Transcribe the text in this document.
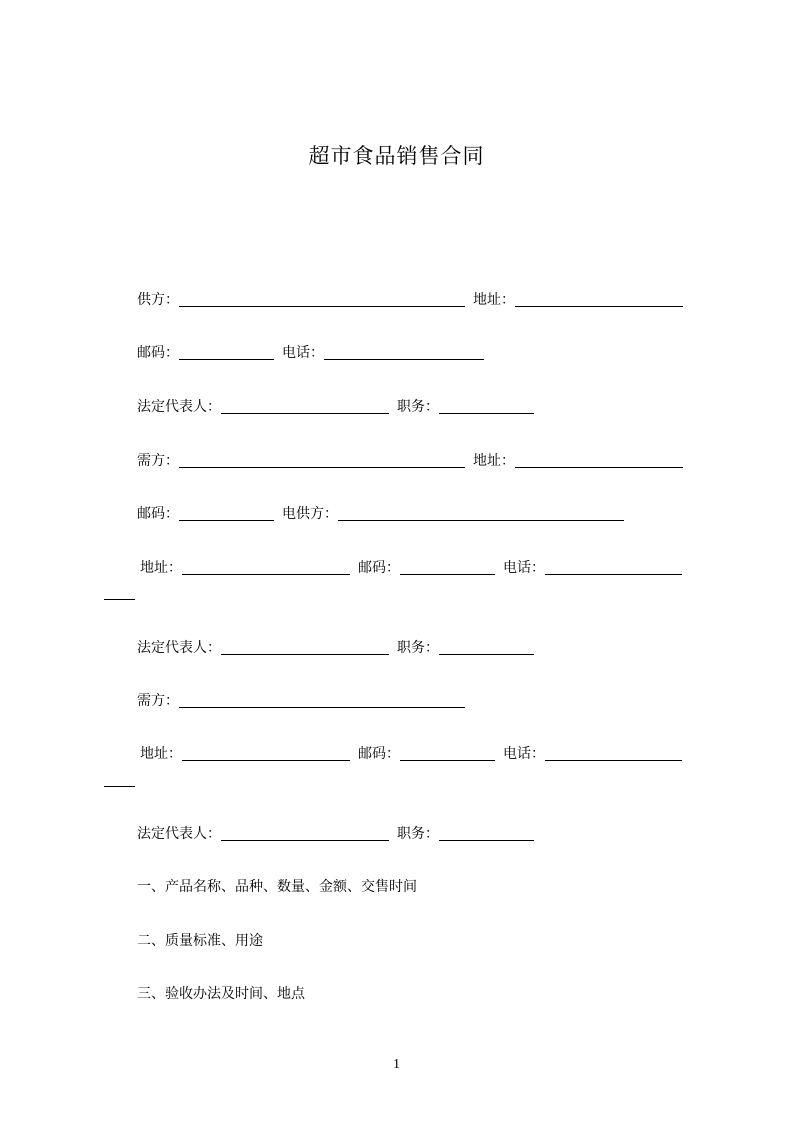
超市食品销售合同
供方：	地址：
邮码：	电话：
法定代表人：	职务：
需方：	地址：
邮码：	电供方：
地址：	邮码：	电话：
法定代表人：	职务：
需方：
地址：	邮码：	电话：
法定代表人：	职务：
一、产品名称、品种、数量、金额、交售时间
二、质量标准、用途
三、验收办法及时间、地点
1
